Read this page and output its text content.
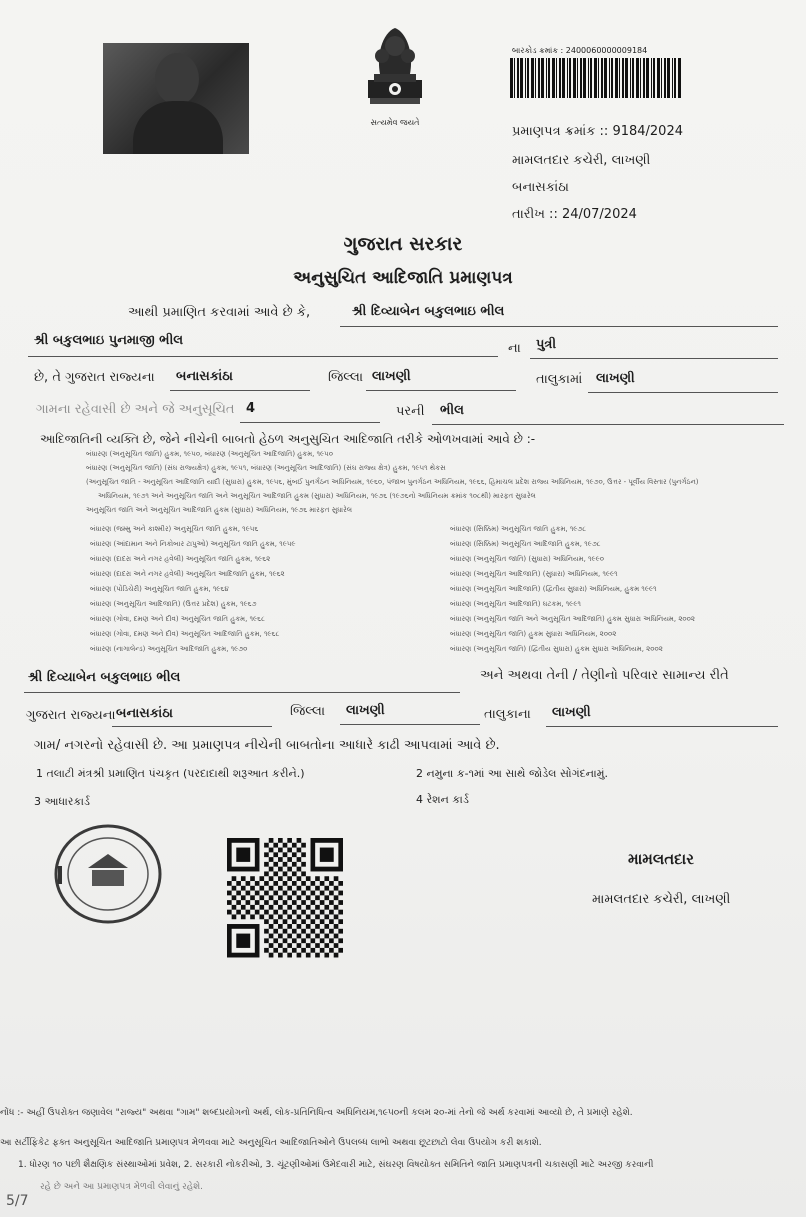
સત્યમેવ જયતે
બારકોડ ક્રમાંક : 2400060000009184
પ્રમાણપત્ર ક્રમાંક :: 9184/2024
મામલતદાર કચેરી, લાખણી
બનાસકાંઠા
તારીખ :: 24/07/2024
ગુજરાત સરકાર
અનુસુચિત આદિજાતિ પ્રમાણપત્ર
આથી પ્રમાણિત કરવામાં આવે છે કે,	શ્રી દિવ્યાબેન બકુલભાઇ ભીલ
શ્રી બકુલભાઇ પુનમાજી ભીલ
ના પુત્રી
છે, તે ગુજરાત રાજ્યના બનાસકાંઠા	જિલ્લા લાખણી	તાલુકામાં લાખણી
ગામના રહેવાસી છે અને જે અનુસૂચિત 4	પરની ભીલ
આદિજાતિની વ્યક્તિ છે, જેને નીચેની બાબતો હેઠળ અનુસુચિત આદિજાતિ તરીકે ઓળખવામાં આવે છે :-
બંધારણ (અનુસૂચિત જાતિ) હુકમ, ૧૯૫૦, બંધારણ (અનુસૂચિત આદિજાતિ) હુકમ, ૧૯૫૦
બંધારણ (અનુસૂચિત જાતિ) (સંઘ રાજ્યક્ષેત્ર) હુકમ, ૧૯૫૧, બંધારણ (અનુસૂચિત આદિજાતિ) (સંઘ રાજ્ય ક્ષેત્ર) હુકમ, ૧૯૫૧ થેકસ
(અનુસૂચિત જાતિ - અનુસૂચિત આદિજાતિ યાદી (સુધારા) હુકમ, ૧૯૫૬, મુંબઈ પુનર્ગઠન અધિનિયમ, ૧૯૬૦, પંજાબ પુનર્ગઠન અધિનિયમ, ૧૯૬૬, હિમાચલ પ્રદેશ રાજ્ય અધિનિયમ, ૧૯૭૦, ઉત્તર - પૂર્વીય વિસ્તાર (પુનર્ગઠન)
અધિનિયમ, ૧૯૭૧ અને અનુસૂચિત જાતિ અને અનુસૂચિત આદિજાતિ હુકમ (સુધારા) અધિનિયમ, ૧૯૭૬ (૧૯૭૬નો અધિનિયમ ક્રમાંક ૧૦૮થી) મારફત સુધારેલ
અનુસૂચિત જાતિ અને અનુસૂચિત આદિજાતિ હુકમ (સુધારા) અધિનિયમ, ૧૯૭૬ મારફત સુધારેલ
બંધારણ (જમ્મુ અને કાશ્મીર) અનુસૂચિત જાતિ હુકમ, ૧૯૫૬
બંધારણ (આંદામાન અને નિકોબાર ટાપુઓ) અનુસૂચિત જાતિ હુકમ, ૧૯૫૯
બંધારણ (દાદરા અને નગર હવેલી) અનુસૂચિત જાતિ હુકમ, ૧૯૬૨
બંધારણ (દાદરા અને નગર હવેલી) અનુસૂચિત આદિજાતિ હુકમ, ૧૯૬૨
બંધારણ (પોંડિચેરી) અનુસૂચિત જાતિ હુકમ, ૧૯૬૪
બંધારણ (અનુસૂચિત આદિજાતિ) (ઉત્તર પ્રદેશ) હુકમ, ૧૯૬૭
બંધારણ (ગોવા, દમણ અને દીવ) અનુસૂચિત જાતિ હુકમ, ૧૯૬૮
બંધારણ (ગોવા, દમણ અને દીવ) અનુસૂચિત આદિજાતિ હુકમ, ૧૯૬૮
બંધારણ (નાગાલેન્ડ) અનુસૂચિત આદિજાતિ હુકમ, ૧૯૭૦
બંધારણ (સિક્કિમ) અનુસૂચિત જાતિ હુકમ, ૧૯૭૮
બંધારણ (સિક્કિમ) અનુસૂચિત આદિજાતિ હુકમ, ૧૯૭૮
બંધારણ (અનુસૂચિત જાતિ) (સુધારા) અધિનિયમ, ૧૯૯૦
બંધારણ (અનુસૂચિત આદિજાતિ) (સુધારા) અધિનિયમ, ૧૯૯૧
બંધારણ (અનુસૂચિત આદિજાતિ) (દ્વિતીય સુધારા) અધિનિયમ, હુકમ ૧૯૯૧
બંધારણ (અનુસૂચિત આદિજાતિ) ઘટકમ, ૧૯૯૧
બંધારણ (અનુસૂચિત જાતિ અને અનુસૂચિત આદિજાતિ) હુકમ સુધારા અધિનિયમ, ૨૦૦૨
બંધારણ (અનુસૂચિત જાતિ) હુકમ સુધારા અધિનિયમ, ૨૦૦૨
બંધારણ (અનુસૂચિત જાતિ) (દ્વિતીય સુધારા) હુકમ સુધારા અધિનિયમ, ૨૦૦૨
શ્રી દિવ્યાબેન બકુલભાઇ ભીલ	અને અથવા તેની / તેણીનો પરિવાર સામાન્ય રીતે
ગુજરાત રાજ્યના બનાસકાંઠા	જિલ્લા લાખણી	તાલુકાના લાખણી
ગામ/ નગરનો રહેવાસી છે. આ પ્રમાણપત્ર નીચેની બાબતોના આધારે કાઢી આપવામાં આવે છે.
1 તલાટી મંત્રશ્રી પ્રમાણિત પંચકૃત (પરદાદાથી શરૂઆત કરીને.)	2 નમુના ક-૧માં આ સાથે જોડેલ સોગંદનામું.
3 આધારકાર્ડ	4 રેશન કાર્ડ
મામલતદાર
મામલતદાર કચેરી, લાખણી
નોંધ :- અહીં ઉપરોક્ત જણાવેલ "રાજ્ય" અથવા "ગામ" શબ્દપ્રયોગનો અર્થ, લોક-પ્રતિનિધિત્વ અધિનિયમ,૧૯૫૦ની કલમ ૨૦-માં તેનો જે અર્થ કરવામાં આવ્યો છે, તે પ્રમાણે રહેશે.
આ સર્ટીફિકેટ ફક્ત અનુસૂચિત આદિજાતિ પ્રમાણપત્ર મેળવવા માટે અનુસૂચિત આદિજાતિઓને ઉપલબ્ધ લાભો અથવા છૂટછાટો લેવા ઉપયોગ કરી શકાશે.
1. ધોરણ ૧૦ પછી શૈક્ષણિક સંસ્થાઓમાં પ્રવેશ, 2. સરકારી નોકરીઓ, 3. ચૂંટણીઓમાં ઉમેદવારી માટે, સંઘરણ વિષયોક્ત સમિતિને જાતિ પ્રમાણપત્રની ચકાસણી માટે અરજી કરવાની
રહે છે અને આ પ્રમાણપત્ર મેળવી લેવાનું રહેશે.
5/7
